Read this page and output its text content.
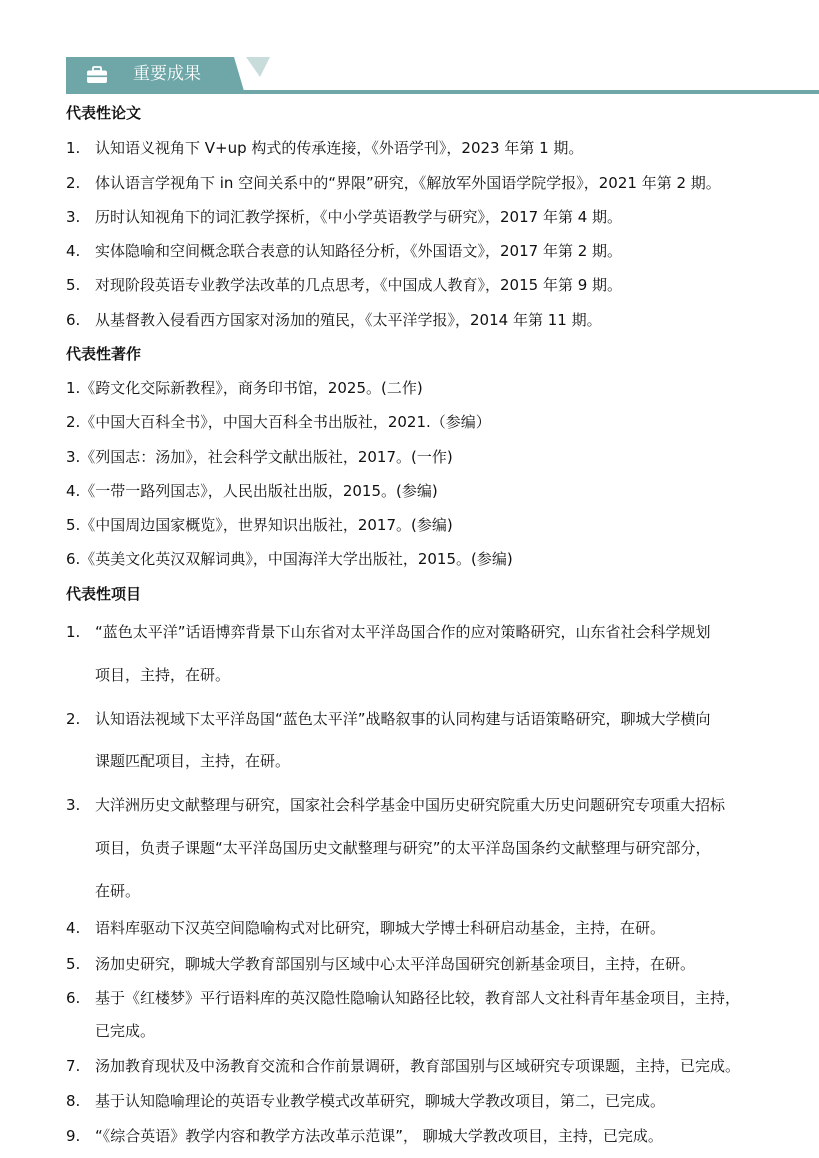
重要成果
代表性论文
1. 认知语义视角下 V+up 构式的传承连接，《外语学刊》，2023 年第 1 期。
2. 体认语言学视角下 in 空间关系中的“界限”研究，《解放军外国语学院学报》，2021 年第 2 期。
3. 历时认知视角下的词汇教学探析，《中小学英语教学与研究》，2017 年第 4 期。
4. 实体隐喻和空间概念联合表意的认知路径分析，《外国语文》，2017 年第 2 期。
5. 对现阶段英语专业教学法改革的几点思考，《中国成人教育》，2015 年第 9 期。
6. 从基督教入侵看西方国家对汤加的殖民，《太平洋学报》，2014 年第 11 期。
代表性著作
1.《跨文化交际新教程》，商务印书馆，2025。(二作)
2.《中国大百科全书》，中国大百科全书出版社，2021.（参编）
3.《列国志：汤加》，社会科学文献出版社，2017。(一作)
4.《一带一路列国志》，人民出版社出版，2015。(参编)
5.《中国周边国家概览》，世界知识出版社，2017。(参编)
6.《英美文化英汉双解词典》，中国海洋大学出版社，2015。(参编)
代表性项目
1. “蓝色太平洋”话语博弈背景下山东省对太平洋岛国合作的应对策略研究，山东省社会科学规划
项目，主持，在研。
2. 认知语法视域下太平洋岛国“蓝色太平洋”战略叙事的认同构建与话语策略研究，聊城大学横向
课题匹配项目，主持，在研。
3. 大洋洲历史文献整理与研究，国家社会科学基金中国历史研究院重大历史问题研究专项重大招标
项目，负责子课题“太平洋岛国历史文献整理与研究”的太平洋岛国条约文献整理与研究部分，
在研。
4. 语料库驱动下汉英空间隐喻构式对比研究，聊城大学博士科研启动基金，主持，在研。
5. 汤加史研究，聊城大学教育部国别与区域中心太平洋岛国研究创新基金项目，主持，在研。
6. 基于《红楼梦》平行语料库的英汉隐性隐喻认知路径比较，教育部人文社科青年基金项目，主持，
已完成。
7. 汤加教育现状及中汤教育交流和合作前景调研，教育部国别与区域研究专项课题，主持，已完成。
8. 基于认知隐喻理论的英语专业教学模式改革研究，聊城大学教改项目，第二，已完成。
9. “《综合英语》教学内容和教学方法改革示范课”， 聊城大学教改项目，主持，已完成。
